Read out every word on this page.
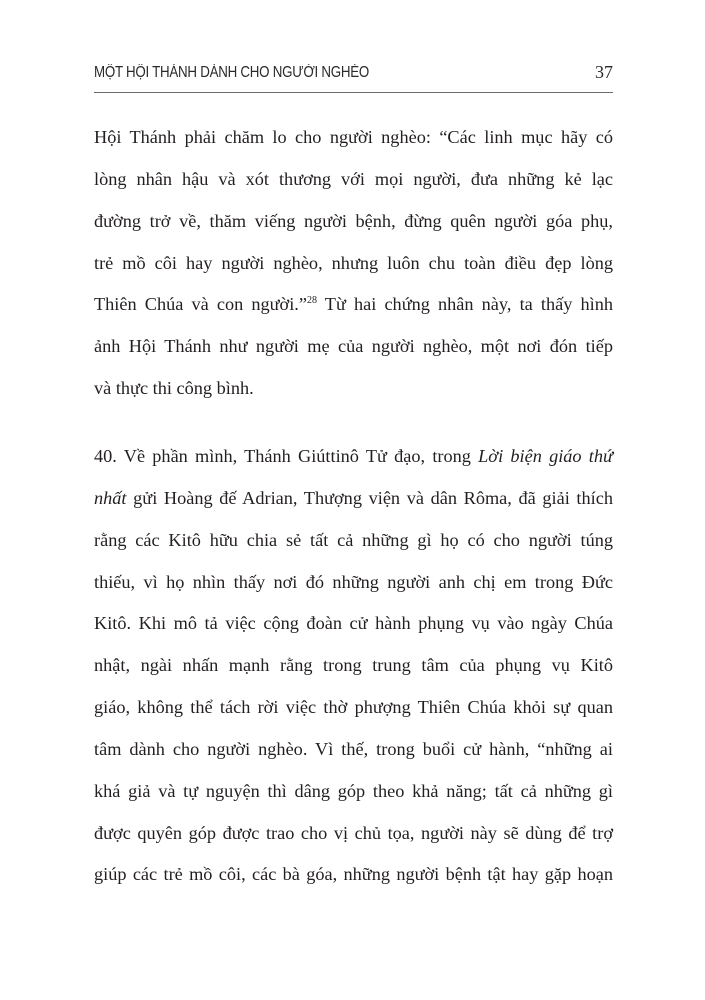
MỘT HỘI THÁNH DÀNH CHO NGƯỜI NGHÈO	37
Hội Thánh phải chăm lo cho người nghèo: “Các linh mục hãy có
lòng nhân hậu và xót thương với mọi người, đưa những kẻ lạc
đường trở về, thăm viếng người bệnh, đừng quên người góa phụ,
trẻ mồ côi hay người nghèo, nhưng luôn chu toàn điều đẹp lòng
Thiên Chúa và con người.”$^{28}$ Từ hai chứng nhân này, ta thấy hình
ảnh Hội Thánh như người mẹ của người nghèo, một nơi đón tiếp
và thực thi công bình.
40. Về phần mình, Thánh Giúttinô Tử đạo, trong Lời biện giáo thứ
nhất gửi Hoàng đế Adrian, Thượng viện và dân Rôma, đã giải thích
rằng các Kitô hữu chia sẻ tất cả những gì họ có cho người túng
thiếu, vì họ nhìn thấy nơi đó những người anh chị em trong Đức
Kitô. Khi mô tả việc cộng đoàn cử hành phụng vụ vào ngày Chúa
nhật, ngài nhấn mạnh rằng trong trung tâm của phụng vụ Kitô
giáo, không thể tách rời việc thờ phượng Thiên Chúa khỏi sự quan
tâm dành cho người nghèo. Vì thế, trong buổi cử hành, “những ai
khá giả và tự nguyện thì dâng góp theo khả năng; tất cả những gì
được quyên góp được trao cho vị chủ tọa, người này sẽ dùng để trợ
giúp các trẻ mồ côi, các bà góa, những người bệnh tật hay gặp hoạn
